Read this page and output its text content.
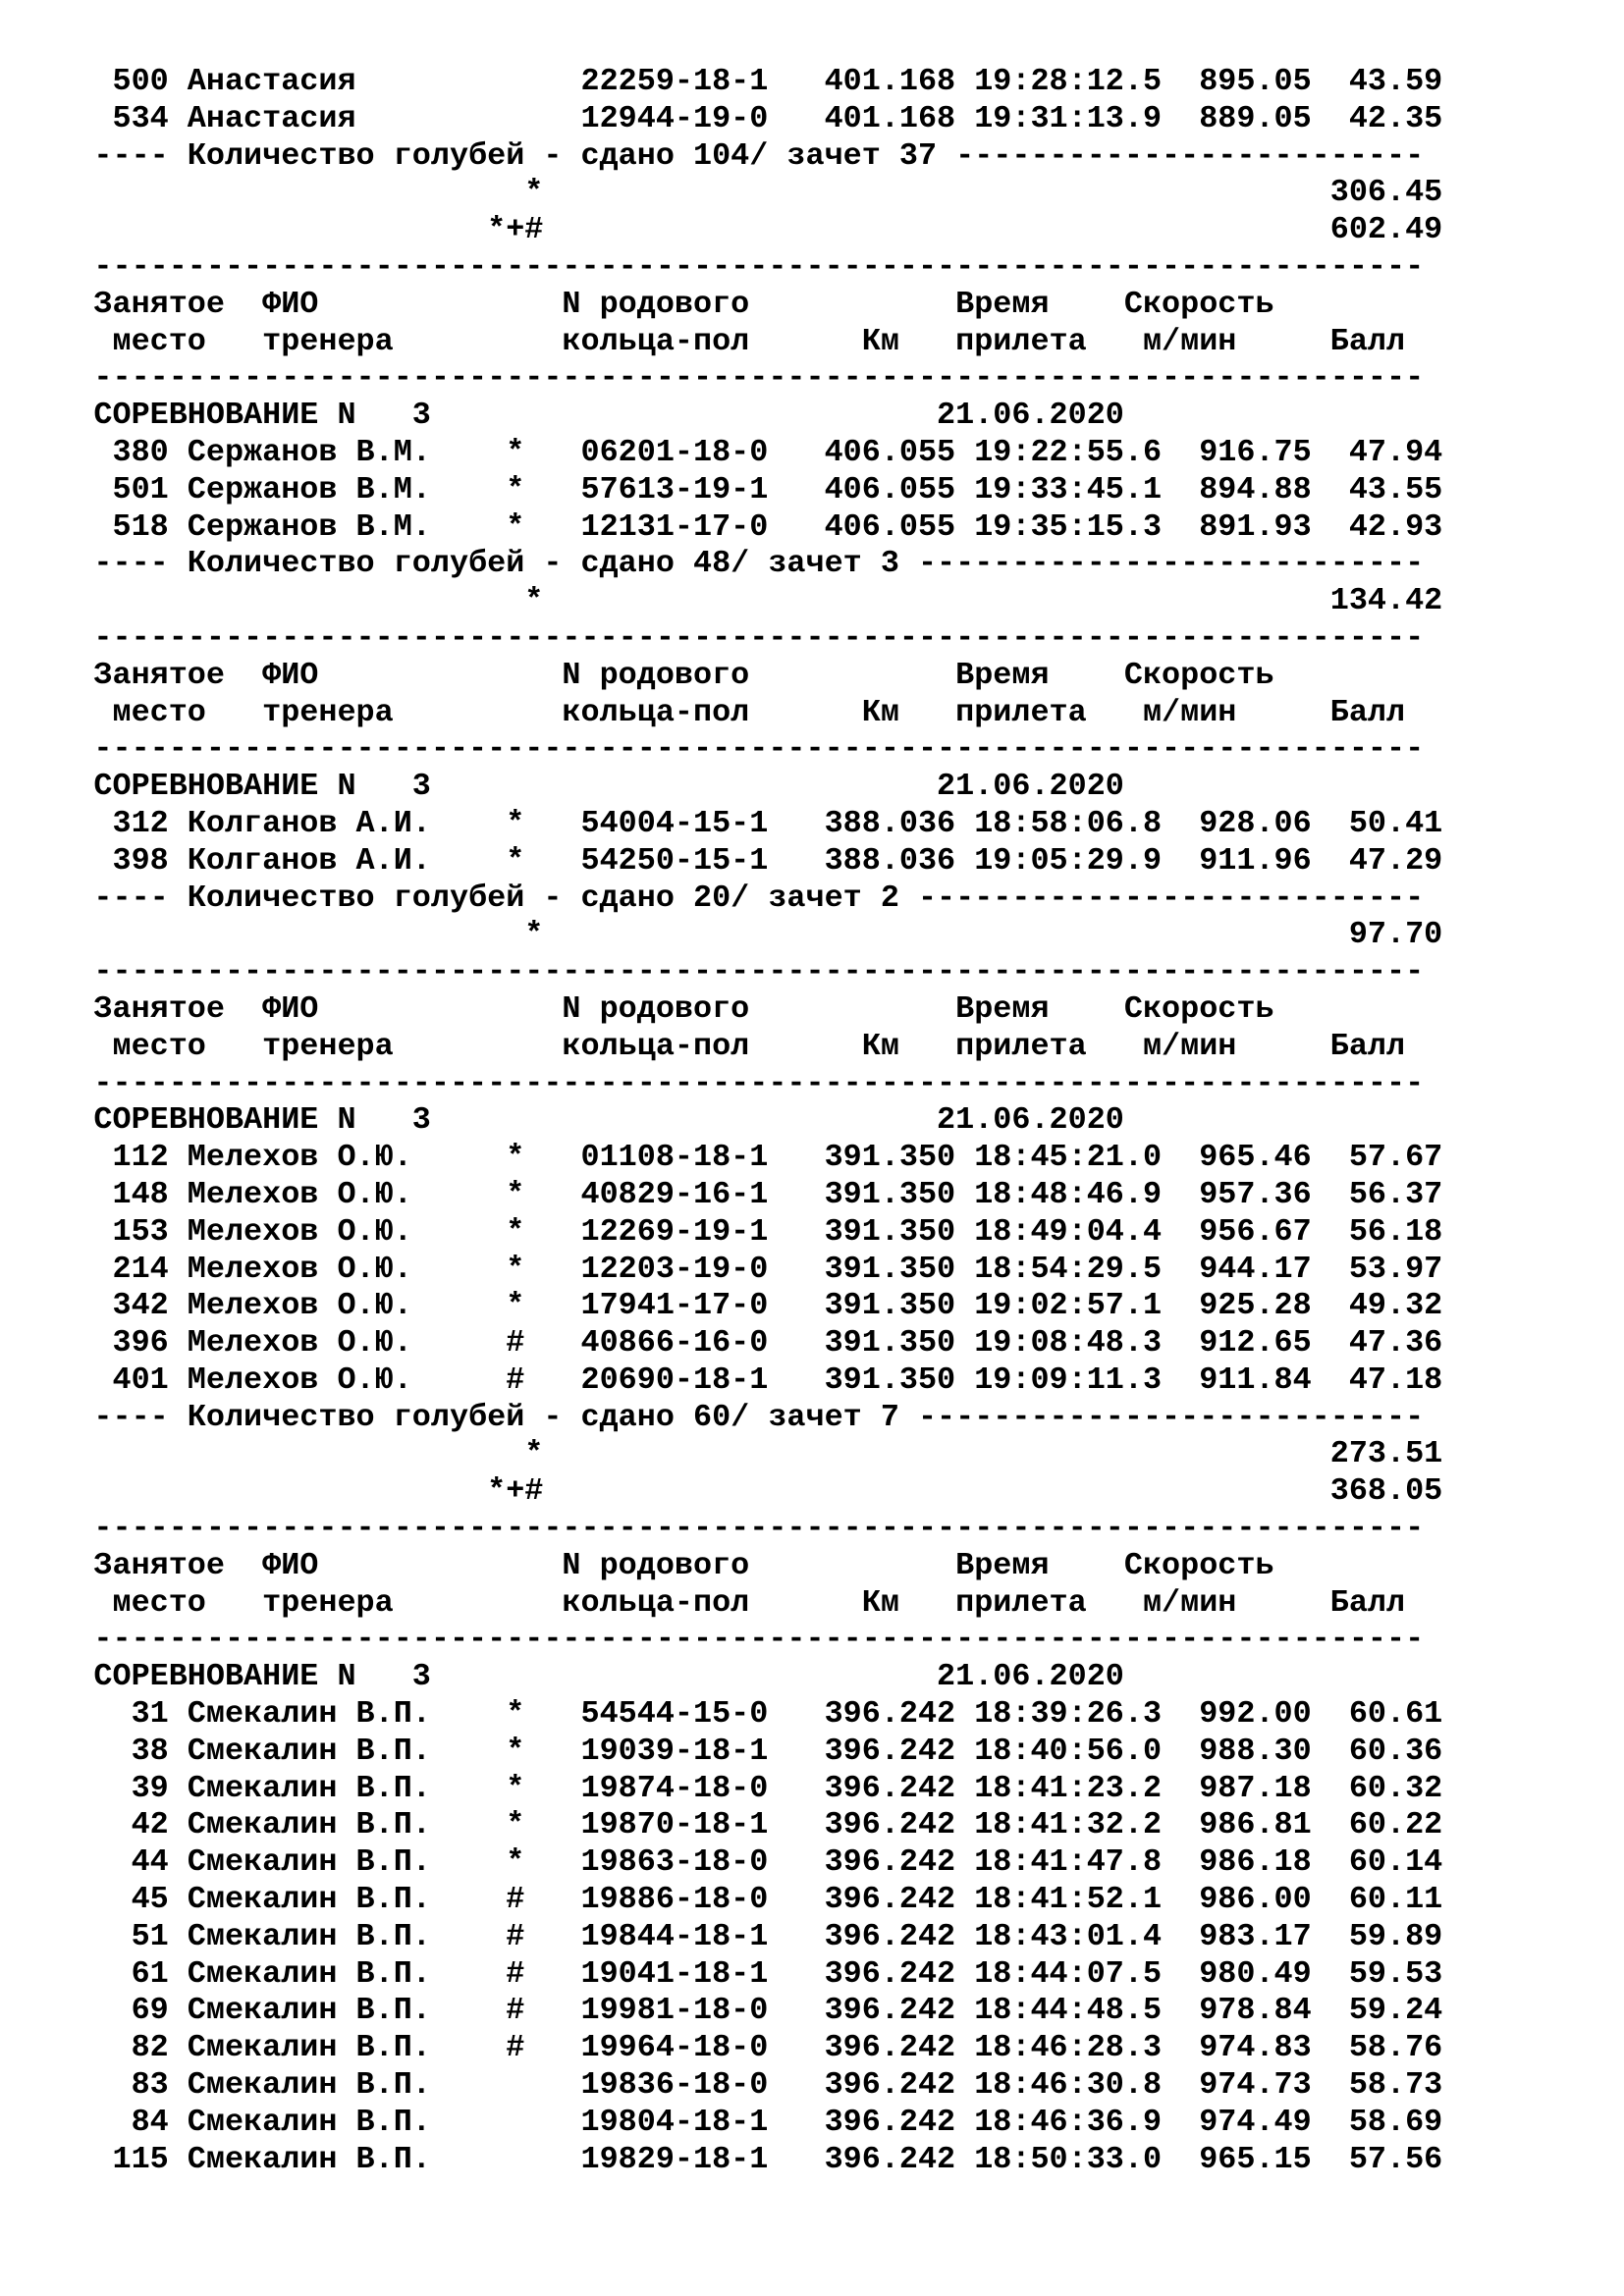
500 Анастасия            22259-18-1   401.168 19:28:12.5  895.05  43.59
534 Анастасия            12944-19-0   401.168 19:31:13.9  889.05  42.35
---- Количество голубей - сдано 104/ зачет 37 -------------------------
*                                          306.45
*+#                                          602.49
-----------------------------------------------------------------------
Занятое  ФИО             N родового           Время    Скорость
место   тренера         кольца-пол      Км   прилета   м/мин     Балл
-----------------------------------------------------------------------
СОРЕВНОВАНИЕ N   3                           21.06.2020
380 Сержанов В.М.    *   06201-18-0   406.055 19:22:55.6  916.75  47.94
501 Сержанов В.М.    *   57613-19-1   406.055 19:33:45.1  894.88  43.55
518 Сержанов В.М.    *   12131-17-0   406.055 19:35:15.3  891.93  42.93
---- Количество голубей - сдано 48/ зачет 3 ---------------------------
*                                          134.42
-----------------------------------------------------------------------
Занятое  ФИО             N родового           Время    Скорость
место   тренера         кольца-пол      Км   прилета   м/мин     Балл
-----------------------------------------------------------------------
СОРЕВНОВАНИЕ N   3                           21.06.2020
312 Колганов А.И.    *   54004-15-1   388.036 18:58:06.8  928.06  50.41
398 Колганов А.И.    *   54250-15-1   388.036 19:05:29.9  911.96  47.29
---- Количество голубей - сдано 20/ зачет 2 ---------------------------
*                                           97.70
-----------------------------------------------------------------------
Занятое  ФИО             N родового           Время    Скорость
место   тренера         кольца-пол      Км   прилета   м/мин     Балл
-----------------------------------------------------------------------
СОРЕВНОВАНИЕ N   3                           21.06.2020
112 Мелехов О.Ю.     *   01108-18-1   391.350 18:45:21.0  965.46  57.67
148 Мелехов О.Ю.     *   40829-16-1   391.350 18:48:46.9  957.36  56.37
153 Мелехов О.Ю.     *   12269-19-1   391.350 18:49:04.4  956.67  56.18
214 Мелехов О.Ю.     *   12203-19-0   391.350 18:54:29.5  944.17  53.97
342 Мелехов О.Ю.     *   17941-17-0   391.350 19:02:57.1  925.28  49.32
396 Мелехов О.Ю.     #   40866-16-0   391.350 19:08:48.3  912.65  47.36
401 Мелехов О.Ю.     #   20690-18-1   391.350 19:09:11.3  911.84  47.18
---- Количество голубей - сдано 60/ зачет 7 ---------------------------
*                                          273.51
*+#                                          368.05
-----------------------------------------------------------------------
Занятое  ФИО             N родового           Время    Скорость
место   тренера         кольца-пол      Км   прилета   м/мин     Балл
-----------------------------------------------------------------------
СОРЕВНОВАНИЕ N   3                           21.06.2020
31 Смекалин В.П.    *   54544-15-0   396.242 18:39:26.3  992.00  60.61
38 Смекалин В.П.    *   19039-18-1   396.242 18:40:56.0  988.30  60.36
39 Смекалин В.П.    *   19874-18-0   396.242 18:41:23.2  987.18  60.32
42 Смекалин В.П.    *   19870-18-1   396.242 18:41:32.2  986.81  60.22
44 Смекалин В.П.    *   19863-18-0   396.242 18:41:47.8  986.18  60.14
45 Смекалин В.П.    #   19886-18-0   396.242 18:41:52.1  986.00  60.11
51 Смекалин В.П.    #   19844-18-1   396.242 18:43:01.4  983.17  59.89
61 Смекалин В.П.    #   19041-18-1   396.242 18:44:07.5  980.49  59.53
69 Смекалин В.П.    #   19981-18-0   396.242 18:44:48.5  978.84  59.24
82 Смекалин В.П.    #   19964-18-0   396.242 18:46:28.3  974.83  58.76
83 Смекалин В.П.        19836-18-0   396.242 18:46:30.8  974.73  58.73
84 Смекалин В.П.        19804-18-1   396.242 18:46:36.9  974.49  58.69
115 Смекалин В.П.        19829-18-1   396.242 18:50:33.0  965.15  57.56
